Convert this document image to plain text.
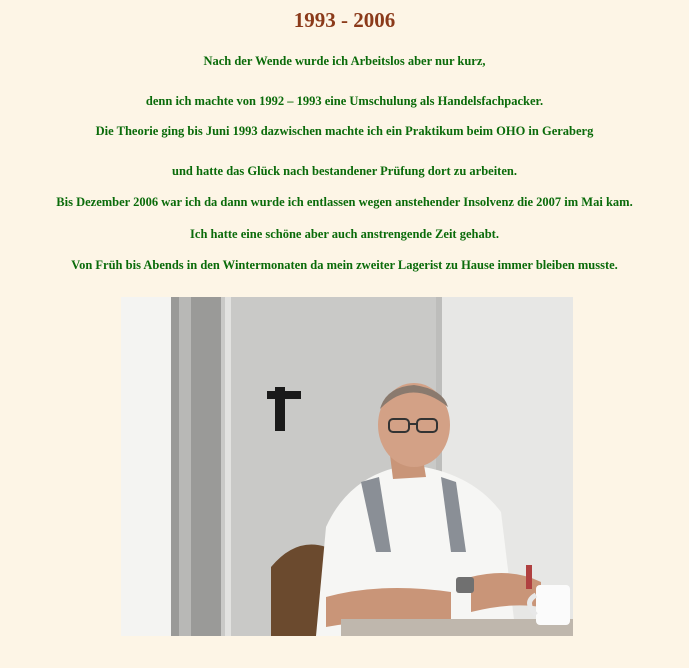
1993 - 2006
Nach der Wende wurde ich Arbeitslos aber nur kurz,
denn ich machte von 1992 – 1993 eine Umschulung als Handelsfachpacker.
Die Theorie ging bis Juni 1993 dazwischen machte ich ein Praktikum beim OHO in Geraberg
und hatte das Glück nach bestandener Prüfung dort zu arbeiten.
Bis Dezember 2006 war ich da dann wurde ich entlassen wegen anstehender Insolvenz die 2007 im Mai kam.
Ich hatte eine schöne aber auch anstrengende Zeit gehabt.
Von Früh bis Abends in den Wintermonaten da mein zweiter Lagerist zu Hause immer bleiben musste.
